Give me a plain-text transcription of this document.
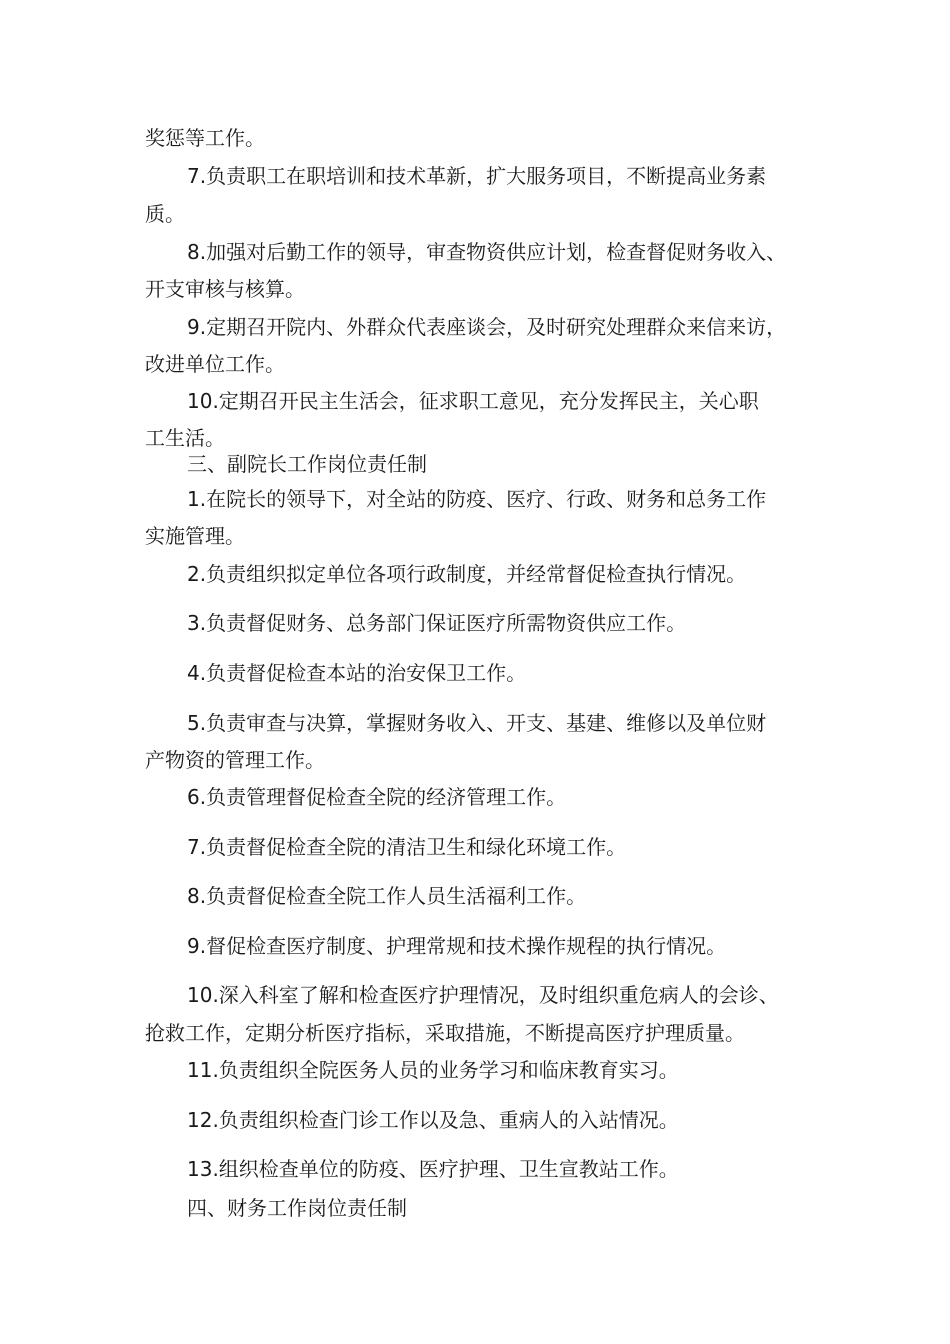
奖惩等工作。
7.负责职工在职培训和技术革新，扩大服务项目，不断提高业务素
质。
8.加强对后勤工作的领导，审查物资供应计划，检查督促财务收入、
开支审核与核算。
9.定期召开院内、外群众代表座谈会，及时研究处理群众来信来访，
改进单位工作。
10.定期召开民主生活会，征求职工意见，充分发挥民主，关心职
工生活。
三、副院长工作岗位责任制
1.在院长的领导下，对全站的防疫、医疗、行政、财务和总务工作
实施管理。
2.负责组织拟定单位各项行政制度，并经常督促检查执行情况。
3.负责督促财务、总务部门保证医疗所需物资供应工作。
4.负责督促检查本站的治安保卫工作。
5.负责审查与决算，掌握财务收入、开支、基建、维修以及单位财
产物资的管理工作。
6.负责管理督促检查全院的经济管理工作。
7.负责督促检查全院的清洁卫生和绿化环境工作。
8.负责督促检查全院工作人员生活福利工作。
9.督促检查医疗制度、护理常规和技术操作规程的执行情况。
10.深入科室了解和检查医疗护理情况，及时组织重危病人的会诊、
抢救工作，定期分析医疗指标，采取措施，不断提高医疗护理质量。
11.负责组织全院医务人员的业务学习和临床教育实习。
12.负责组织检查门诊工作以及急、重病人的入站情况。
13.组织检查单位的防疫、医疗护理、卫生宣教站工作。
四、财务工作岗位责任制
